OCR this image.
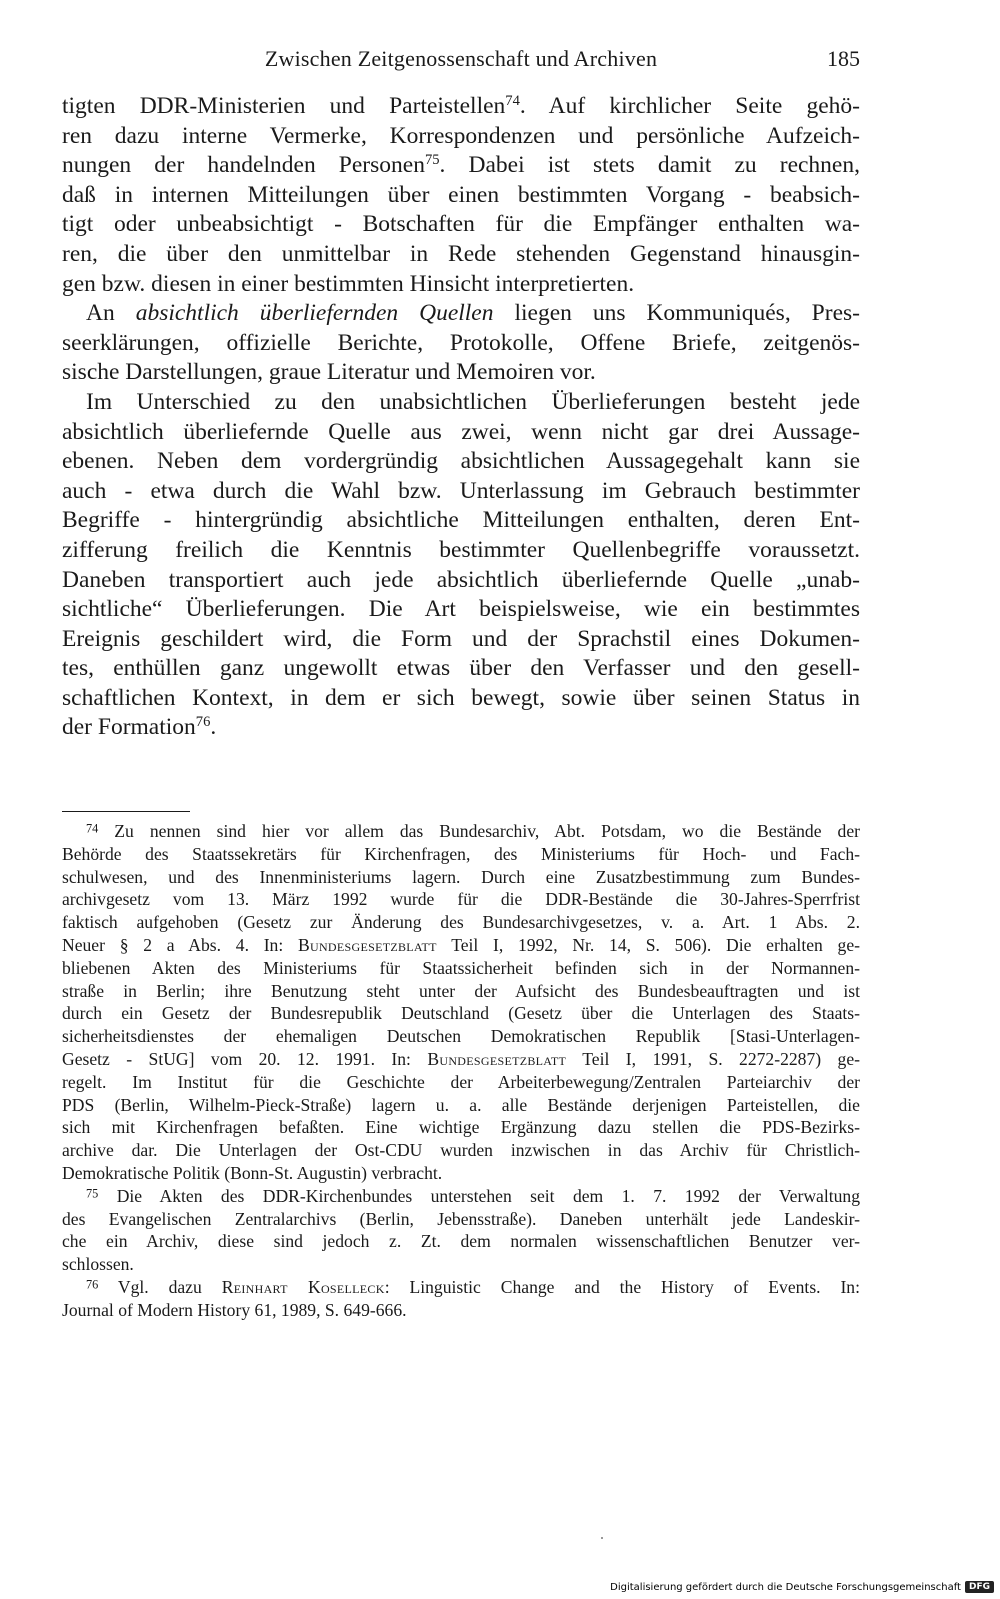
Zwischen Zeitgenossenschaft und Archiven	185
tigten DDR-Ministerien und Parteistellen$^{74}$. Auf kirchlicher Seite gehö-
ren dazu interne Vermerke, Korrespondenzen und persönliche Aufzeich-
nungen der handelnden Personen$^{75}$. Dabei ist stets damit zu rechnen,
daß in internen Mitteilungen über einen bestimmten Vorgang - beabsich-
tigt oder unbeabsichtigt - Botschaften für die Empfänger enthalten wa-
ren, die über den unmittelbar in Rede stehenden Gegenstand hinausgin-
gen bzw. diesen in einer bestimmten Hinsicht interpretierten.
An absichtlich überliefernden Quellen liegen uns Kommuniqués, Pres-
seerklärungen, offizielle Berichte, Protokolle, Offene Briefe, zeitgenös-
sische Darstellungen, graue Literatur und Memoiren vor.
Im Unterschied zu den unabsichtlichen Überlieferungen besteht jede
absichtlich überliefernde Quelle aus zwei, wenn nicht gar drei Aussage-
ebenen. Neben dem vordergründig absichtlichen Aussagegehalt kann sie
auch - etwa durch die Wahl bzw. Unterlassung im Gebrauch bestimmter
Begriffe - hintergründig absichtliche Mitteilungen enthalten, deren Ent-
zifferung freilich die Kenntnis bestimmter Quellenbegriffe voraussetzt.
Daneben transportiert auch jede absichtlich überliefernde Quelle „unab-
sichtliche“ Überlieferungen. Die Art beispielsweise, wie ein bestimmtes
Ereignis geschildert wird, die Form und der Sprachstil eines Dokumen-
tes, enthüllen ganz ungewollt etwas über den Verfasser und den gesell-
schaftlichen Kontext, in dem er sich bewegt, sowie über seinen Status in
der Formation$^{76}$.
$^{74}$ Zu nennen sind hier vor allem das Bundesarchiv, Abt. Potsdam, wo die Bestände der
Behörde des Staatssekretärs für Kirchenfragen, des Ministeriums für Hoch- und Fach-
schulwesen, und des Innenministeriums lagern. Durch eine Zusatzbestimmung zum Bundes-
archivgesetz vom 13. März 1992 wurde für die DDR-Bestände die 30-Jahres-Sperrfrist
faktisch aufgehoben (Gesetz zur Änderung des Bundesarchivgesetzes, v. a. Art. 1 Abs. 2.
Neuer § 2 a Abs. 4. In: Bundesgesetzblatt Teil I, 1992, Nr. 14, S. 506). Die erhalten ge-
bliebenen Akten des Ministeriums für Staatssicherheit befinden sich in der Normannen-
straße in Berlin; ihre Benutzung steht unter der Aufsicht des Bundesbeauftragten und ist
durch ein Gesetz der Bundesrepublik Deutschland (Gesetz über die Unterlagen des Staats-
sicherheitsdienstes der ehemaligen Deutschen Demokratischen Republik [Stasi-Unterlagen-
Gesetz - StUG] vom 20. 12. 1991. In: Bundesgesetzblatt Teil I, 1991, S. 2272-2287) ge-
regelt. Im Institut für die Geschichte der Arbeiterbewegung/Zentralen Parteiarchiv der
PDS (Berlin, Wilhelm-Pieck-Straße) lagern u. a. alle Bestände derjenigen Parteistellen, die
sich mit Kirchenfragen befaßten. Eine wichtige Ergänzung dazu stellen die PDS-Bezirks-
archive dar. Die Unterlagen der Ost-CDU wurden inzwischen in das Archiv für Christlich-
Demokratische Politik (Bonn-St. Augustin) verbracht.
$^{75}$ Die Akten des DDR-Kirchenbundes unterstehen seit dem 1. 7. 1992 der Verwaltung
des Evangelischen Zentralarchivs (Berlin, Jebensstraße). Daneben unterhält jede Landeskir-
che ein Archiv, diese sind jedoch z. Zt. dem normalen wissenschaftlichen Benutzer ver-
schlossen.
$^{76}$ Vgl. dazu Reinhart Koselleck: Linguistic Change and the History of Events. In:
Journal of Modern History 61, 1989, S. 649-666.
Digitalisierung gefördert durch die Deutsche Forschungsgemeinschaft DFG
